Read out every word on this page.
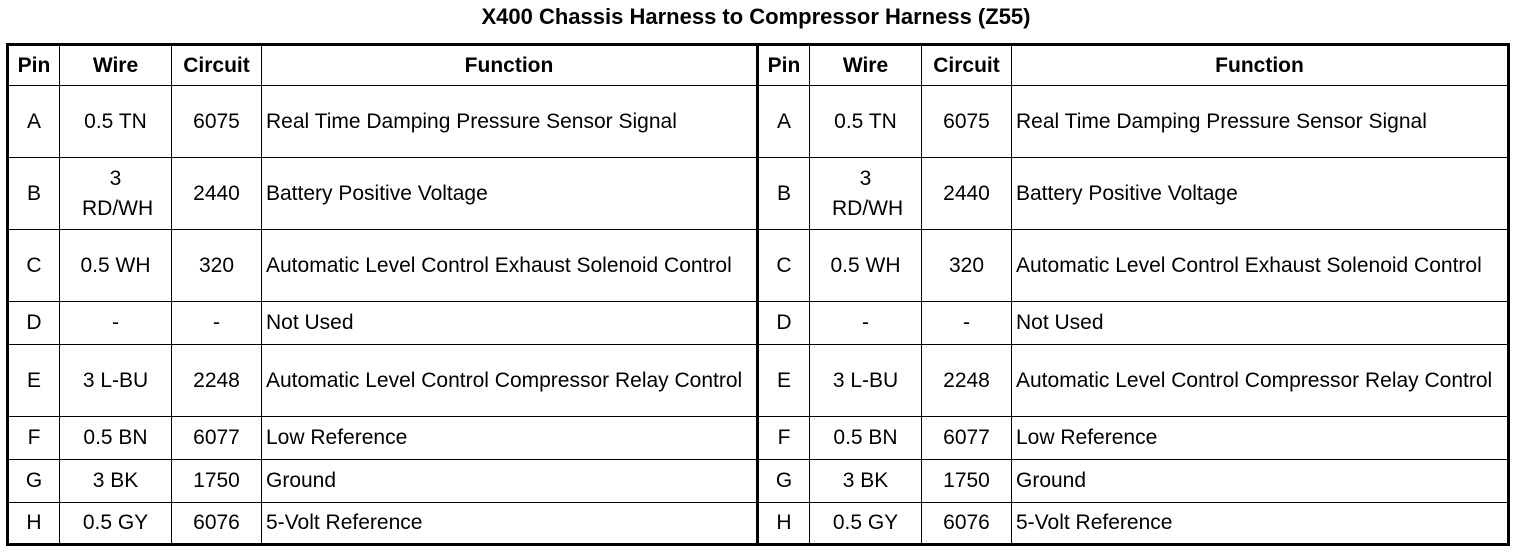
X400 Chassis Harness to Compressor Harness (Z55)
Pin	Wire	Circuit	Function	Pin	Wire	Circuit	Function
A	0.5 TN	6075	Real Time Damping Pressure Sensor Signal	A	0.5 TN	6075	Real Time Damping Pressure Sensor Signal
B	3 RD/WH	2440	Battery Positive Voltage	B	3 RD/WH	2440	Battery Positive Voltage
C	0.5 WH	320	Automatic Level Control Exhaust Solenoid Control	C	0.5 WH	320	Automatic Level Control Exhaust Solenoid Control
D	-	-	Not Used	D	-	-	Not Used
E	3 L-BU	2248	Automatic Level Control Compressor Relay Control	E	3 L-BU	2248	Automatic Level Control Compressor Relay Control
F	0.5 BN	6077	Low Reference	F	0.5 BN	6077	Low Reference
G	3 BK	1750	Ground	G	3 BK	1750	Ground
H	0.5 GY	6076	5-Volt Reference	H	0.5 GY	6076	5-Volt Reference
